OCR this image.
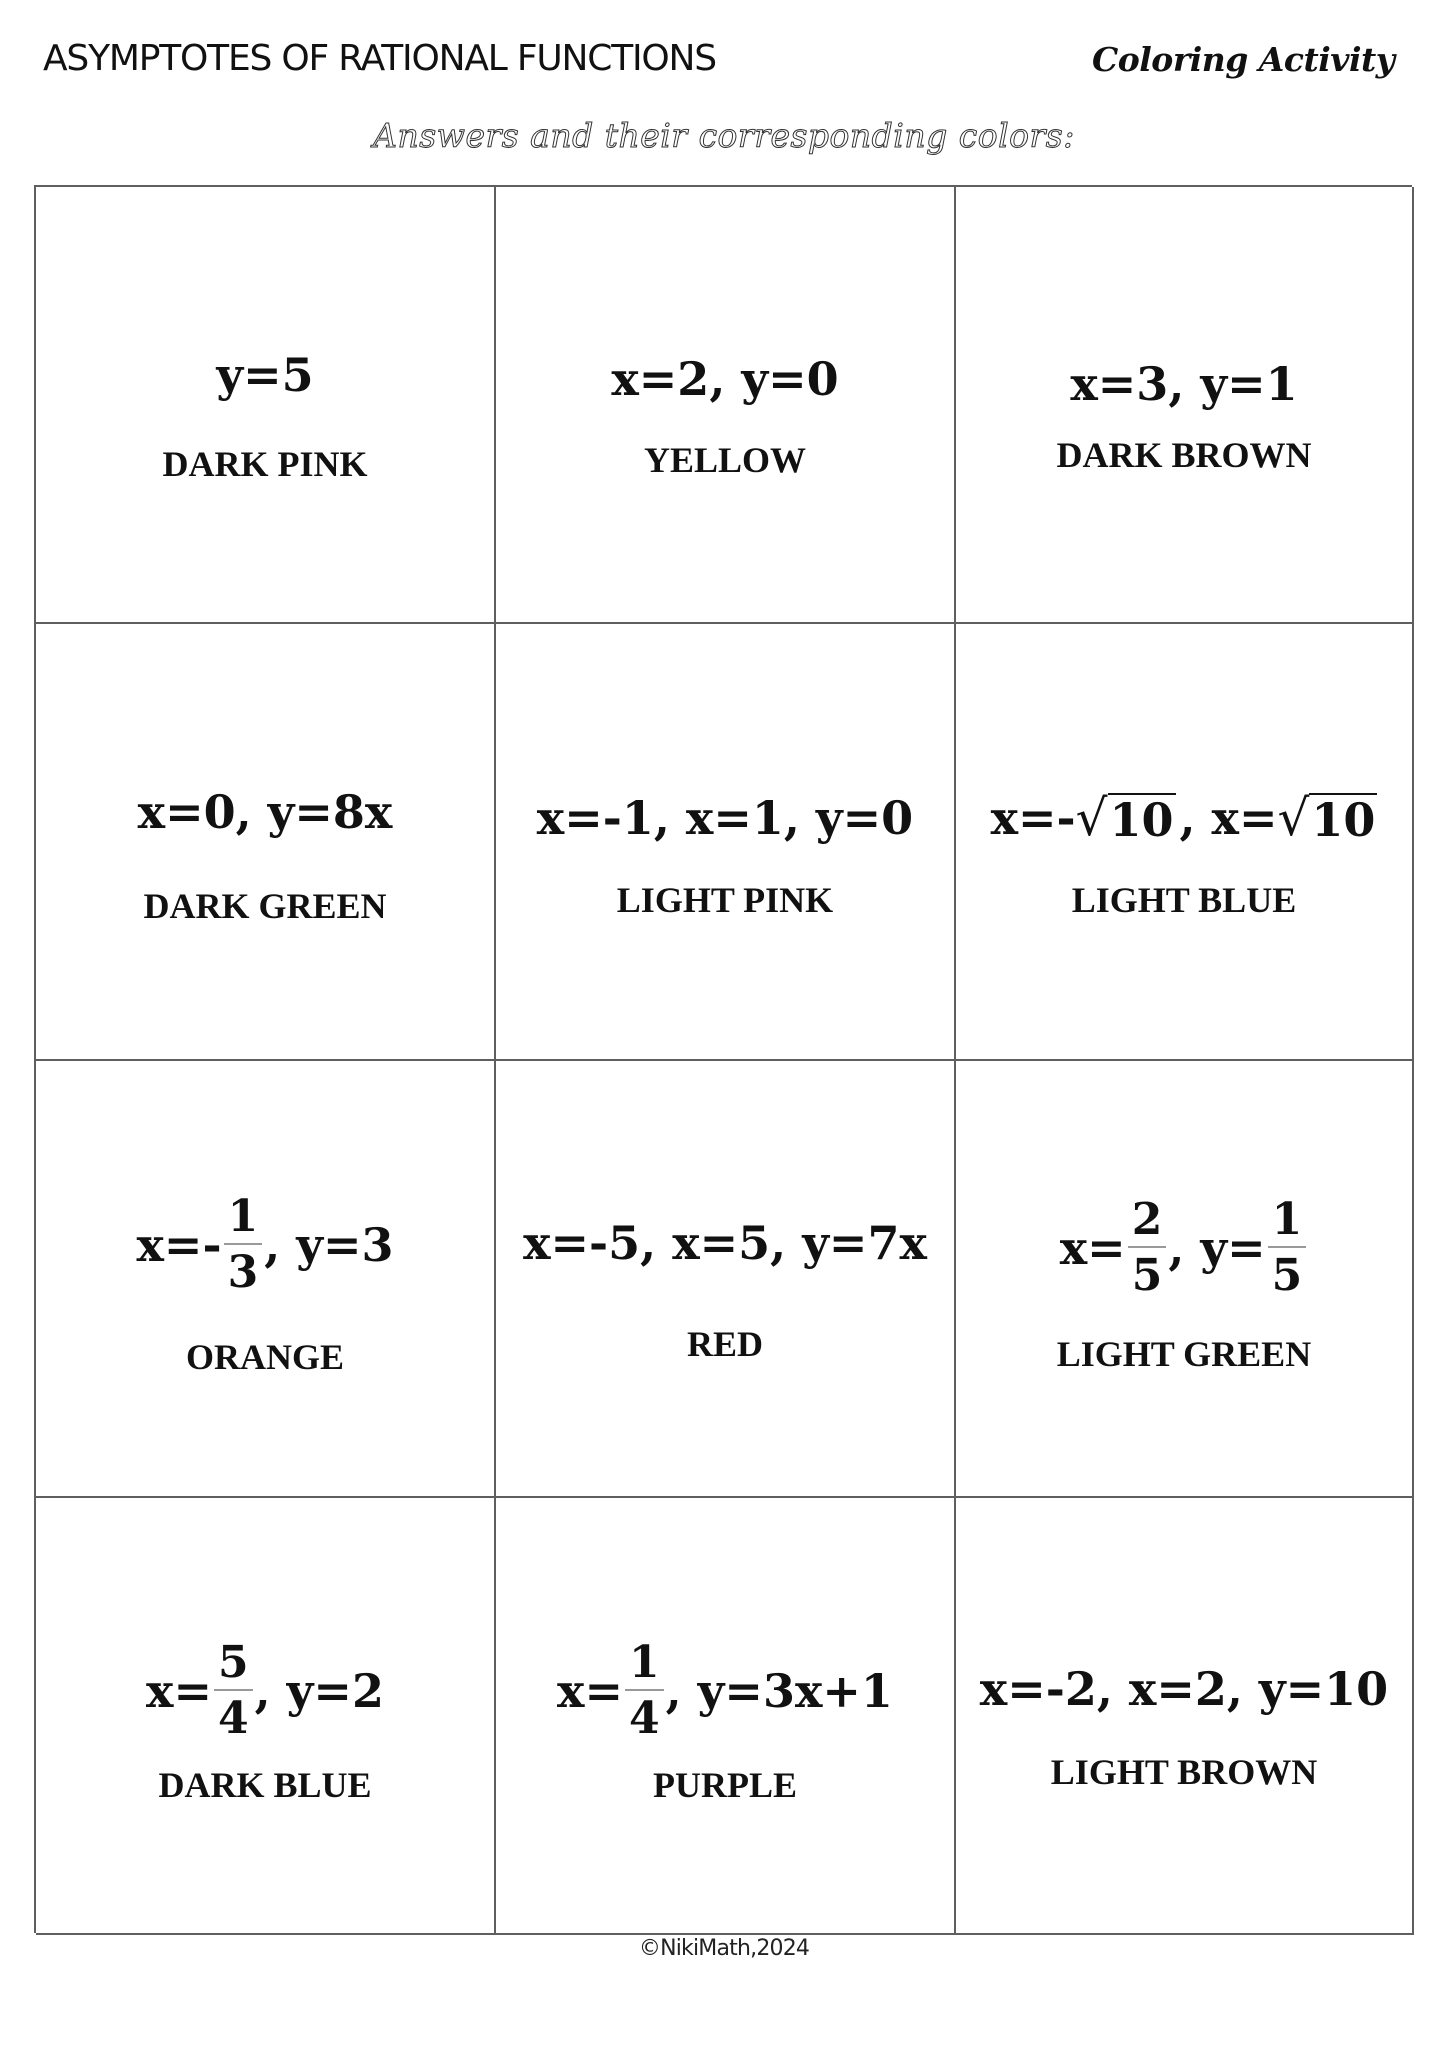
ASYMPTOTES OF RATIONAL FUNCTIONS	Coloring Activity
Answers and their corresponding colors:
y=5
DARK PINK
x=2, y=0
YELLOW
x=3, y=1
DARK BROWN
x=0, y=8x
DARK GREEN
x=-1, x=1, y=0
LIGHT PINK
x=- √ 10 , x= √ 10
LIGHT BLUE
$x=- \frac{1}{3}$ , y=3
ORANGE
x=-5, x=5, y=7x
RED
$x= \frac{2}{5}$ , $y= \frac{1}{5}$
LIGHT GREEN
$x= \frac{5}{4}$ , y=2
DARK BLUE
$x= \frac{1}{4}$ , y=3x+1
PURPLE
x=-2, x=2, y=10
LIGHT BROWN
©NikiMath,2024
